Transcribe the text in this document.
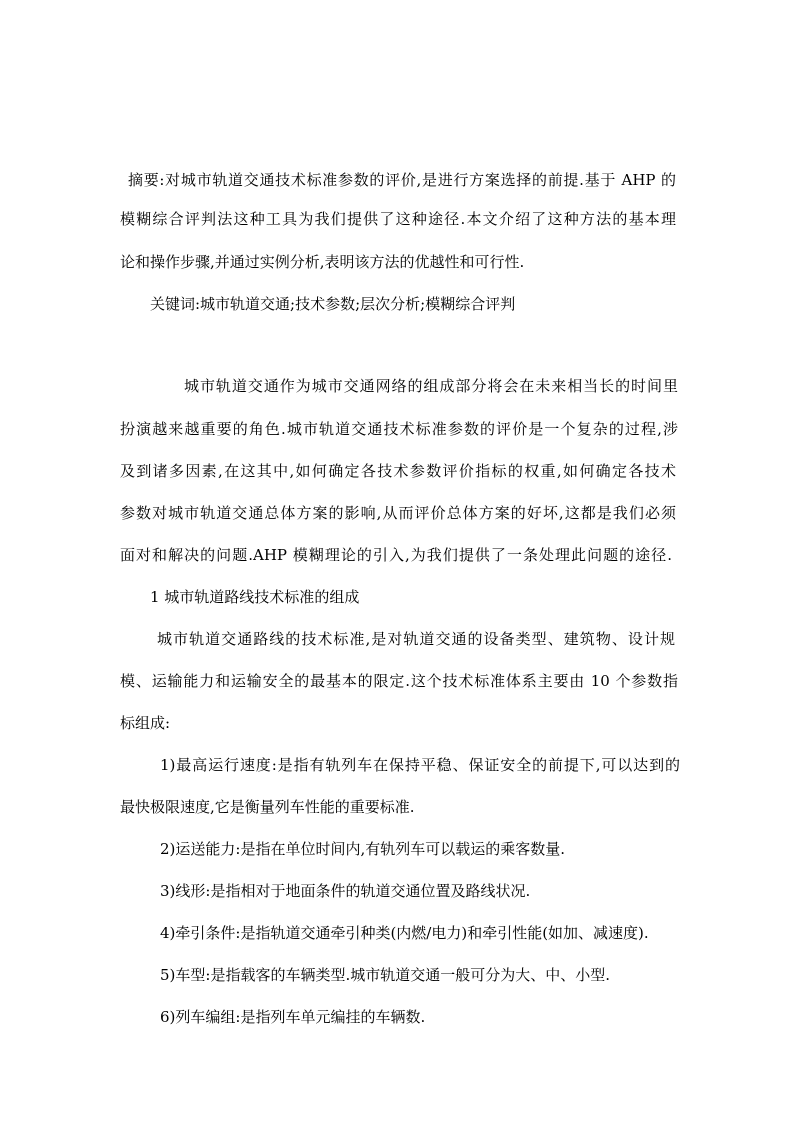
摘要:对城市轨道交通技术标准参数的评价,是进行方案选择的前提.基于 AHP 的
模糊综合评判法这种工具为我们提供了这种途径.本文介绍了这种方法的基本理
论和操作步骤,并通过实例分析,表明该方法的优越性和可行性.
关键词:城市轨道交通;技术参数;层次分析;模糊综合评判
城市轨道交通作为城市交通网络的组成部分将会在未来相当长的时间里
扮演越来越重要的角色.城市轨道交通技术标准参数的评价是一个复杂的过程,涉
及到诸多因素,在这其中,如何确定各技术参数评价指标的权重,如何确定各技术
参数对城市轨道交通总体方案的影响,从而评价总体方案的好坏,这都是我们必须
面对和解决的问题.AHP 模糊理论的引入,为我们提供了一条处理此问题的途径.
1 城市轨道路线技术标准的组成
城市轨道交通路线的技术标准,是对轨道交通的设备类型、建筑物、设计规
模、运输能力和运输安全的最基本的限定.这个技术标准体系主要由 10 个参数指
标组成:
1)最高运行速度:是指有轨列车在保持平稳、保证安全的前提下,可以达到的
最快极限速度,它是衡量列车性能的重要标准.
2)运送能力:是指在单位时间内,有轨列车可以载运的乘客数量.
3)线形:是指相对于地面条件的轨道交通位置及路线状况.
4)牵引条件:是指轨道交通牵引种类(内燃/电力)和牵引性能(如加、减速度).
5)车型:是指载客的车辆类型.城市轨道交通一般可分为大、中、小型.
6)列车编组:是指列车单元编挂的车辆数.
